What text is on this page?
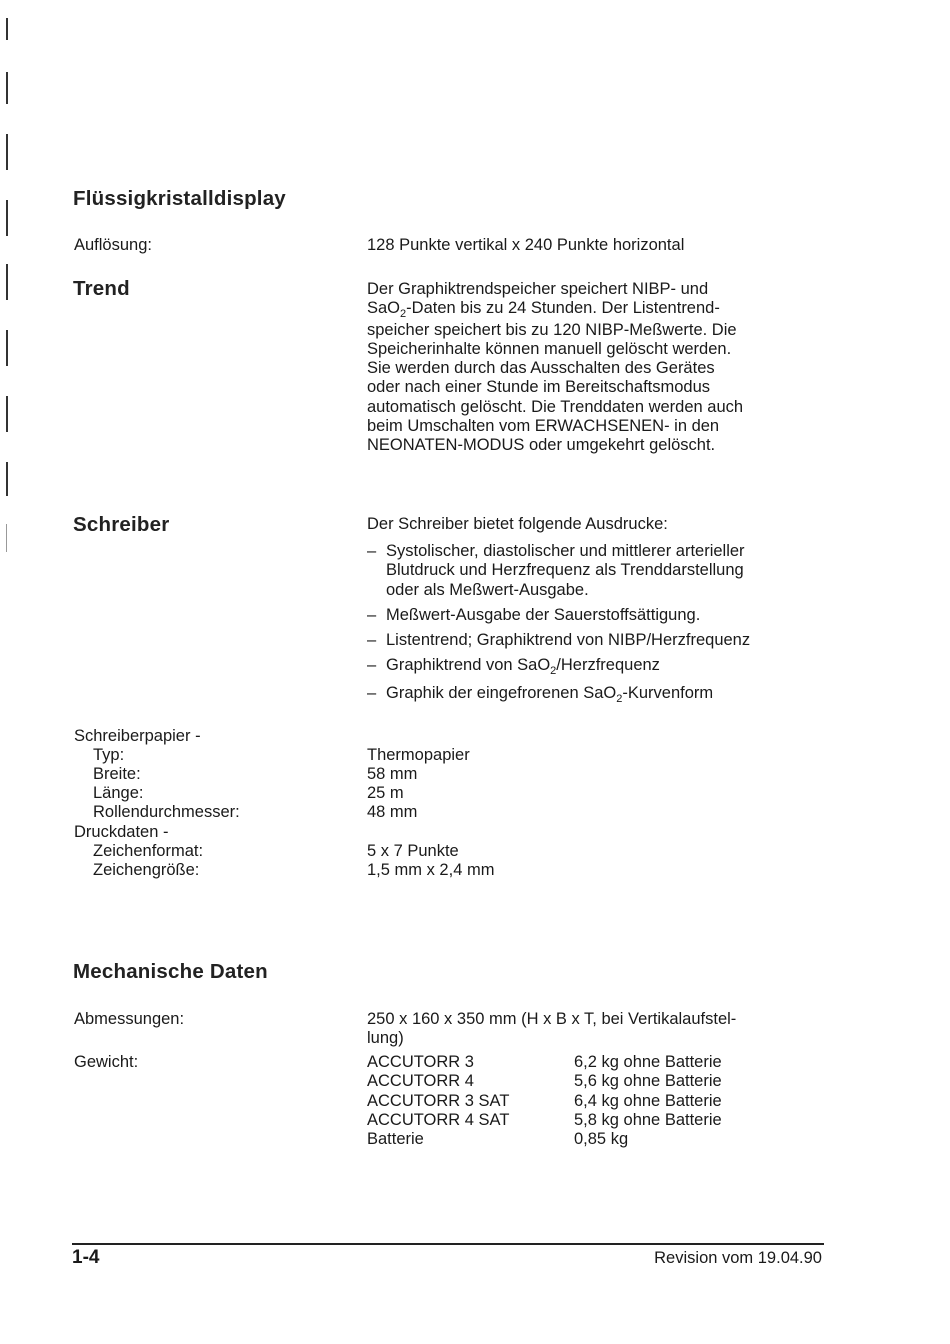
Flüssigkristalldisplay
Auflösung:	128 Punkte vertikal x 240 Punkte horizontal
Trend	Der Graphiktrendspeicher speichert NIBP- und
SaO$_2$-Daten bis zu 24 Stunden. Der Listentrend-
speicher speichert bis zu 120 NIBP-Meßwerte. Die
Speicherinhalte können manuell gelöscht werden.
Sie werden durch das Ausschalten des Gerätes
oder nach einer Stunde im Bereitschaftsmodus
automatisch gelöscht. Die Trenddaten werden auch
beim Umschalten vom ERWACHSENEN- in den
NEONATEN-MODUS oder umgekehrt gelöscht.
Schreiber	Der Schreiber bietet folgende Ausdrucke:
– Systolischer, diastolischer und mittlerer arterieller
Blutdruck und Herzfrequenz als Trenddarstellung
oder als Meßwert-Ausgabe.
– Meßwert-Ausgabe der Sauerstoffsättigung.
– Listentrend; Graphiktrend von NIBP/Herzfrequenz
– Graphiktrend von SaO$_2$/Herzfrequenz
– Graphik der eingefrorenen SaO$_2$-Kurvenform
Schreiberpapier -
Typ:	Thermopapier
Breite:	58 mm
Länge:	25 m
Rollendurchmesser:	48 mm
Druckdaten -
Zeichenformat:	5 x 7 Punkte
Zeichengröße:	1,5 mm x 2,4 mm
Mechanische Daten
Abmessungen:	250 x 160 x 350 mm (H x B x T, bei Vertikalaufstel-
lung)
Gewicht:	ACCUTORR 3	6,2 kg ohne Batterie
ACCUTORR 4	5,6 kg ohne Batterie
ACCUTORR 3 SAT	6,4 kg ohne Batterie
ACCUTORR 4 SAT	5,8 kg ohne Batterie
Batterie	0,85 kg
1-4	Revision vom 19.04.90
